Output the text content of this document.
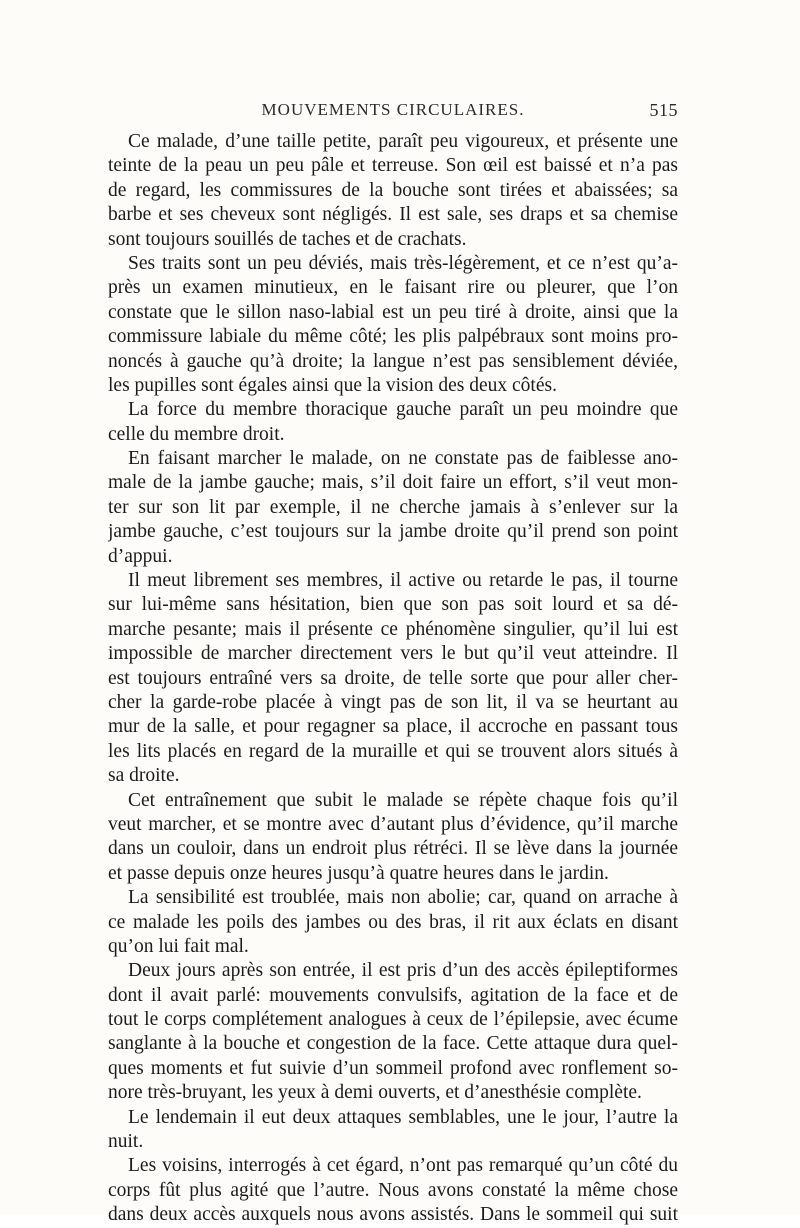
MOUVEMENTS CIRCULAIRES.	515
Ce malade, d’une taille petite, paraît peu vigoureux, et présente une
teinte de la peau un peu pâle et terreuse. Son œil est baissé et n’a pas
de regard, les commissures de la bouche sont tirées et abaissées; sa
barbe et ses cheveux sont négligés. Il est sale, ses draps et sa chemise
sont toujours souillés de taches et de crachats.
Ses traits sont un peu déviés, mais très-légèrement, et ce n’est qu’a-
près un examen minutieux, en le faisant rire ou pleurer, que l’on
constate que le sillon naso-labial est un peu tiré à droite, ainsi que la
commissure labiale du même côté; les plis palpébraux sont moins pro-
noncés à gauche qu’à droite; la langue n’est pas sensiblement déviée,
les pupilles sont égales ainsi que la vision des deux côtés.
La force du membre thoracique gauche paraît un peu moindre que
celle du membre droit.
En faisant marcher le malade, on ne constate pas de faiblesse ano-
male de la jambe gauche; mais, s’il doit faire un effort, s’il veut mon-
ter sur son lit par exemple, il ne cherche jamais à s’enlever sur la
jambe gauche, c’est toujours sur la jambe droite qu’il prend son point
d’appui.
Il meut librement ses membres, il active ou retarde le pas, il tourne
sur lui-même sans hésitation, bien que son pas soit lourd et sa dé-
marche pesante; mais il présente ce phénomène singulier, qu’il lui est
impossible de marcher directement vers le but qu’il veut atteindre. Il
est toujours entraîné vers sa droite, de telle sorte que pour aller cher-
cher la garde-robe placée à vingt pas de son lit, il va se heurtant au
mur de la salle, et pour regagner sa place, il accroche en passant tous
les lits placés en regard de la muraille et qui se trouvent alors situés à
sa droite.
Cet entraînement que subit le malade se répète chaque fois qu’il
veut marcher, et se montre avec d’autant plus d’évidence, qu’il marche
dans un couloir, dans un endroit plus rétréci. Il se lève dans la journée
et passe depuis onze heures jusqu’à quatre heures dans le jardin.
La sensibilité est troublée, mais non abolie; car, quand on arrache à
ce malade les poils des jambes ou des bras, il rit aux éclats en disant
qu’on lui fait mal.
Deux jours après son entrée, il est pris d’un des accès épileptiformes
dont il avait parlé: mouvements convulsifs, agitation de la face et de
tout le corps complétement analogues à ceux de l’épilepsie, avec écume
sanglante à la bouche et congestion de la face. Cette attaque dura quel-
ques moments et fut suivie d’un sommeil profond avec ronflement so-
nore très-bruyant, les yeux à demi ouverts, et d’anesthésie complète.
Le lendemain il eut deux attaques semblables, une le jour, l’autre la
nuit.
Les voisins, interrogés à cet égard, n’ont pas remarqué qu’un côté du
corps fût plus agité que l’autre. Nous avons constaté la même chose
dans deux accès auxquels nous avons assistés. Dans le sommeil qui suit
